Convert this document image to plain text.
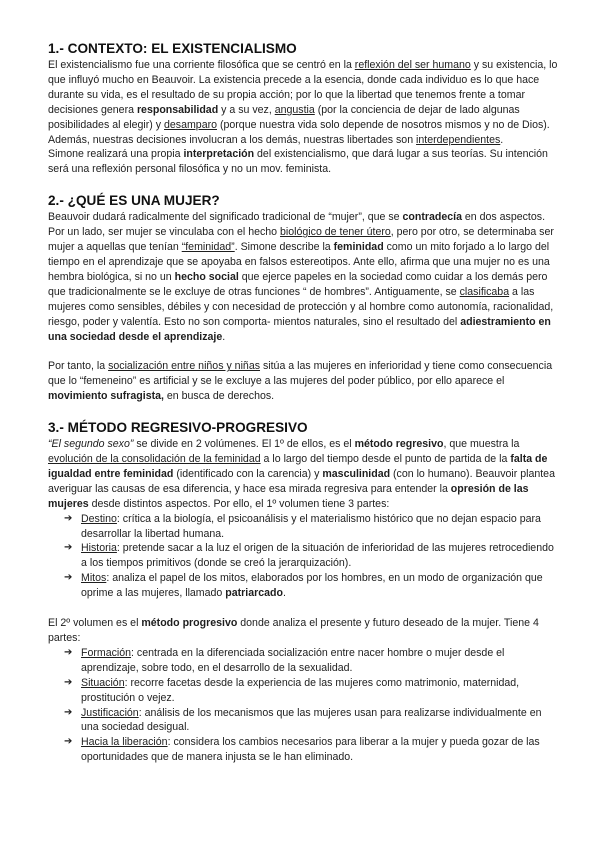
1.- CONTEXTO: EL EXISTENCIALISMO

El existencialismo fue una corriente filosófica que se centró en la reflexión del ser humano y su existencia, lo que influyó mucho en Beauvoir. La existencia precede a la esencia, donde cada individuo es lo que hace durante su vida, es el resultado de su propia acción; por lo que la libertad que tenemos frente a tomar decisiones genera responsabilidad y a su vez, angustia (por la conciencia de dejar de lado algunas posibilidades al elegir) y desamparo (porque nuestra vida solo depende de nosotros mismos y no de Dios). Además, nuestras decisiones involucran a los demás, nuestras libertades son interdependientes.

Simone realizará una propia interpretación del existencialismo, que dará lugar a sus teorías. Su intención será una reflexión personal filosófica y no un mov. feminista.

2.- ¿QUÉ ES UNA MUJER?

Beauvoir dudará radicalmente del significado tradicional de “mujer”, que se contradecía en dos aspectos. Por un lado, ser mujer se vinculaba con el hecho biológico de tener útero, pero por otro, se determinaba ser mujer a aquellas que tenían “feminidad”. Simone describe la feminidad como un mito forjado a lo largo del tiempo en el aprendizaje que se apoyaba en falsos estereotipos. Ante ello, afirma que una mujer no es una hembra biológica, si no un hecho social que ejerce papeles en la sociedad como cuidar a los demás pero que tradicionalmente se le excluye de otras funciones “ de hombres”. Antiguamente, se clasificaba a las mujeres como sensibles, débiles y con necesidad de protección y al hombre como autonomía, racionalidad, riesgo, poder y valentía. Esto no son comporta- mientos naturales, sino el resultado del adiestramiento en una sociedad desde el aprendizaje.

Por tanto, la socialización entre niños y niñas sitúa a las mujeres en inferioridad y tiene como consecuencia que lo “femeneino” es artificial y se le excluye a las mujeres del poder público, por ello aparece el movimiento sufragista, en busca de derechos.

3.- MÉTODO REGRESIVO-PROGRESIVO

“El segundo sexo” se divide en 2 volúmenes. El 1º de ellos, es el método regresivo, que muestra la evolución de la consolidación de la feminidad a lo largo del tiempo desde el punto de partida de la falta de igualdad entre feminidad (identificado con la carencia) y masculinidad (con lo humano). Beauvoir plantea averiguar las causas de esa diferencia, y hace esa mirada regresiva para entender la opresión de las mujeres desde distintos aspectos. Por ello, el 1º volumen tiene 3 partes:

➔ Destino: crítica a la biología, el psicoanálisis y el materialismo histórico que no dejan espacio para desarrollar la libertad humana.
➔ Historia: pretende sacar a la luz el origen de la situación de inferioridad de las mujeres retrocediendo a los tiempos primitivos (donde se creó la jerarquización).
➔ Mitos: analiza el papel de los mitos, elaborados por los hombres, en un modo de organización que oprime a las mujeres, llamado patriarcado.

El 2º volumen es el método progresivo donde analiza el presente y futuro deseado de la mujer. Tiene 4 partes:

➔ Formación: centrada en la diferenciada socialización entre nacer hombre o mujer desde el aprendizaje, sobre todo, en el desarrollo de la sexualidad.
➔ Situación: recorre facetas desde la experiencia de las mujeres como matrimonio, maternidad, prostitución o vejez.
➔ Justificación: análisis de los mecanismos que las mujeres usan para realizarse individualmente en una sociedad desigual.
➔ Hacia la liberación: considera los cambios necesarios para liberar a la mujer y pueda gozar de las oportunidades que de manera injusta se le han eliminado.
